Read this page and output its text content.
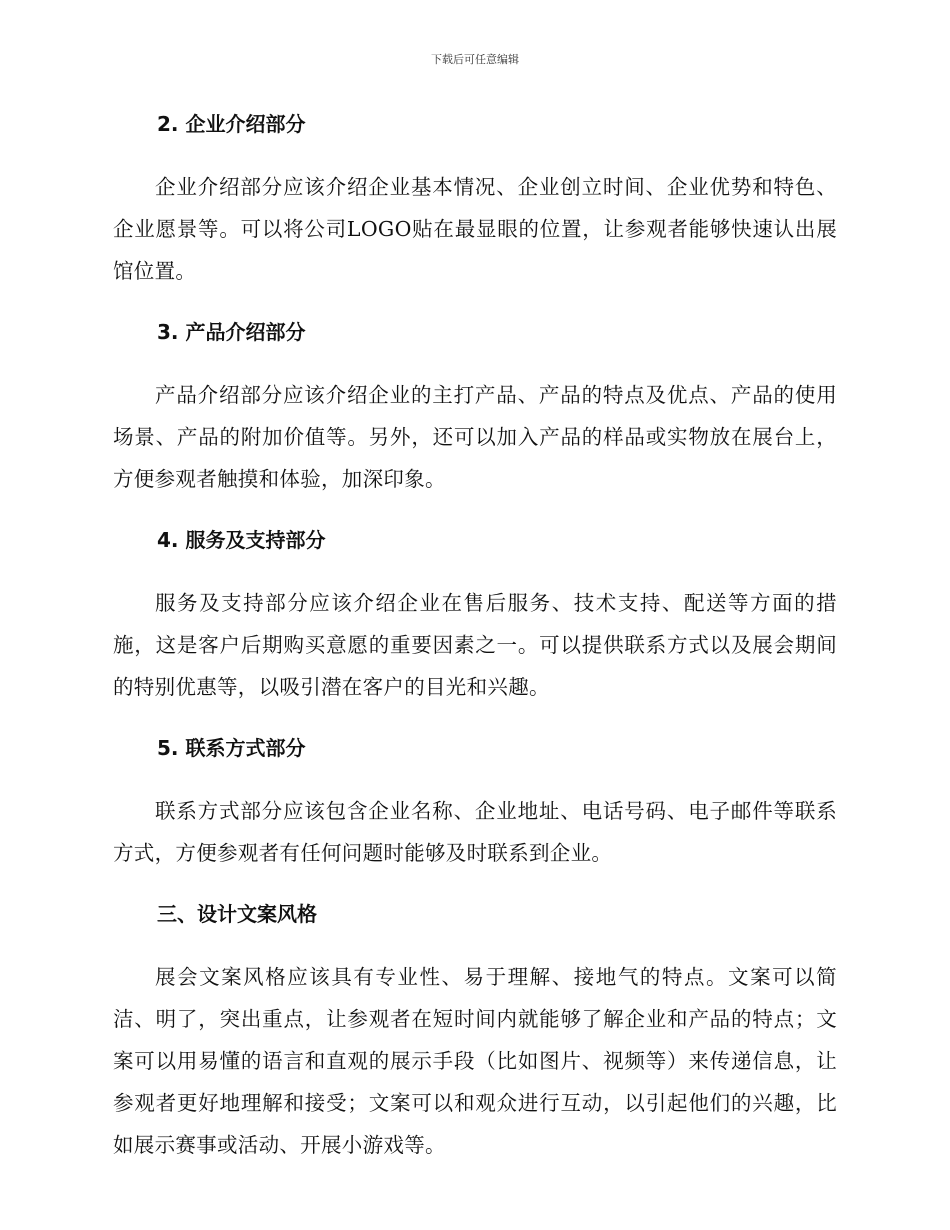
下载后可任意编辑
2. 企业介绍部分

企业介绍部分应该介绍企业基本情况、企业创立时间、企业优势和特色、企业愿景等。可以将公司LOGO贴在最显眼的位置，让参观者能够快速认出展馆位置。

3. 产品介绍部分

产品介绍部分应该介绍企业的主打产品、产品的特点及优点、产品的使用场景、产品的附加价值等。另外，还可以加入产品的样品或实物放在展台上，方便参观者触摸和体验，加深印象。

4. 服务及支持部分

服务及支持部分应该介绍企业在售后服务、技术支持、配送等方面的措施，这是客户后期购买意愿的重要因素之一。可以提供联系方式以及展会期间的特别优惠等，以吸引潜在客户的目光和兴趣。

5. 联系方式部分

联系方式部分应该包含企业名称、企业地址、电话号码、电子邮件等联系方式，方便参观者有任何问题时能够及时联系到企业。

三、设计文案风格

展会文案风格应该具有专业性、易于理解、接地气的特点。文案可以简洁、明了，突出重点，让参观者在短时间内就能够了解企业和产品的特点；文案可以用易懂的语言和直观的展示手段（比如图片、视频等）来传递信息，让参观者更好地理解和接受；文案可以和观众进行互动，以引起他们的兴趣，比如展示赛事或活动、开展小游戏等。
